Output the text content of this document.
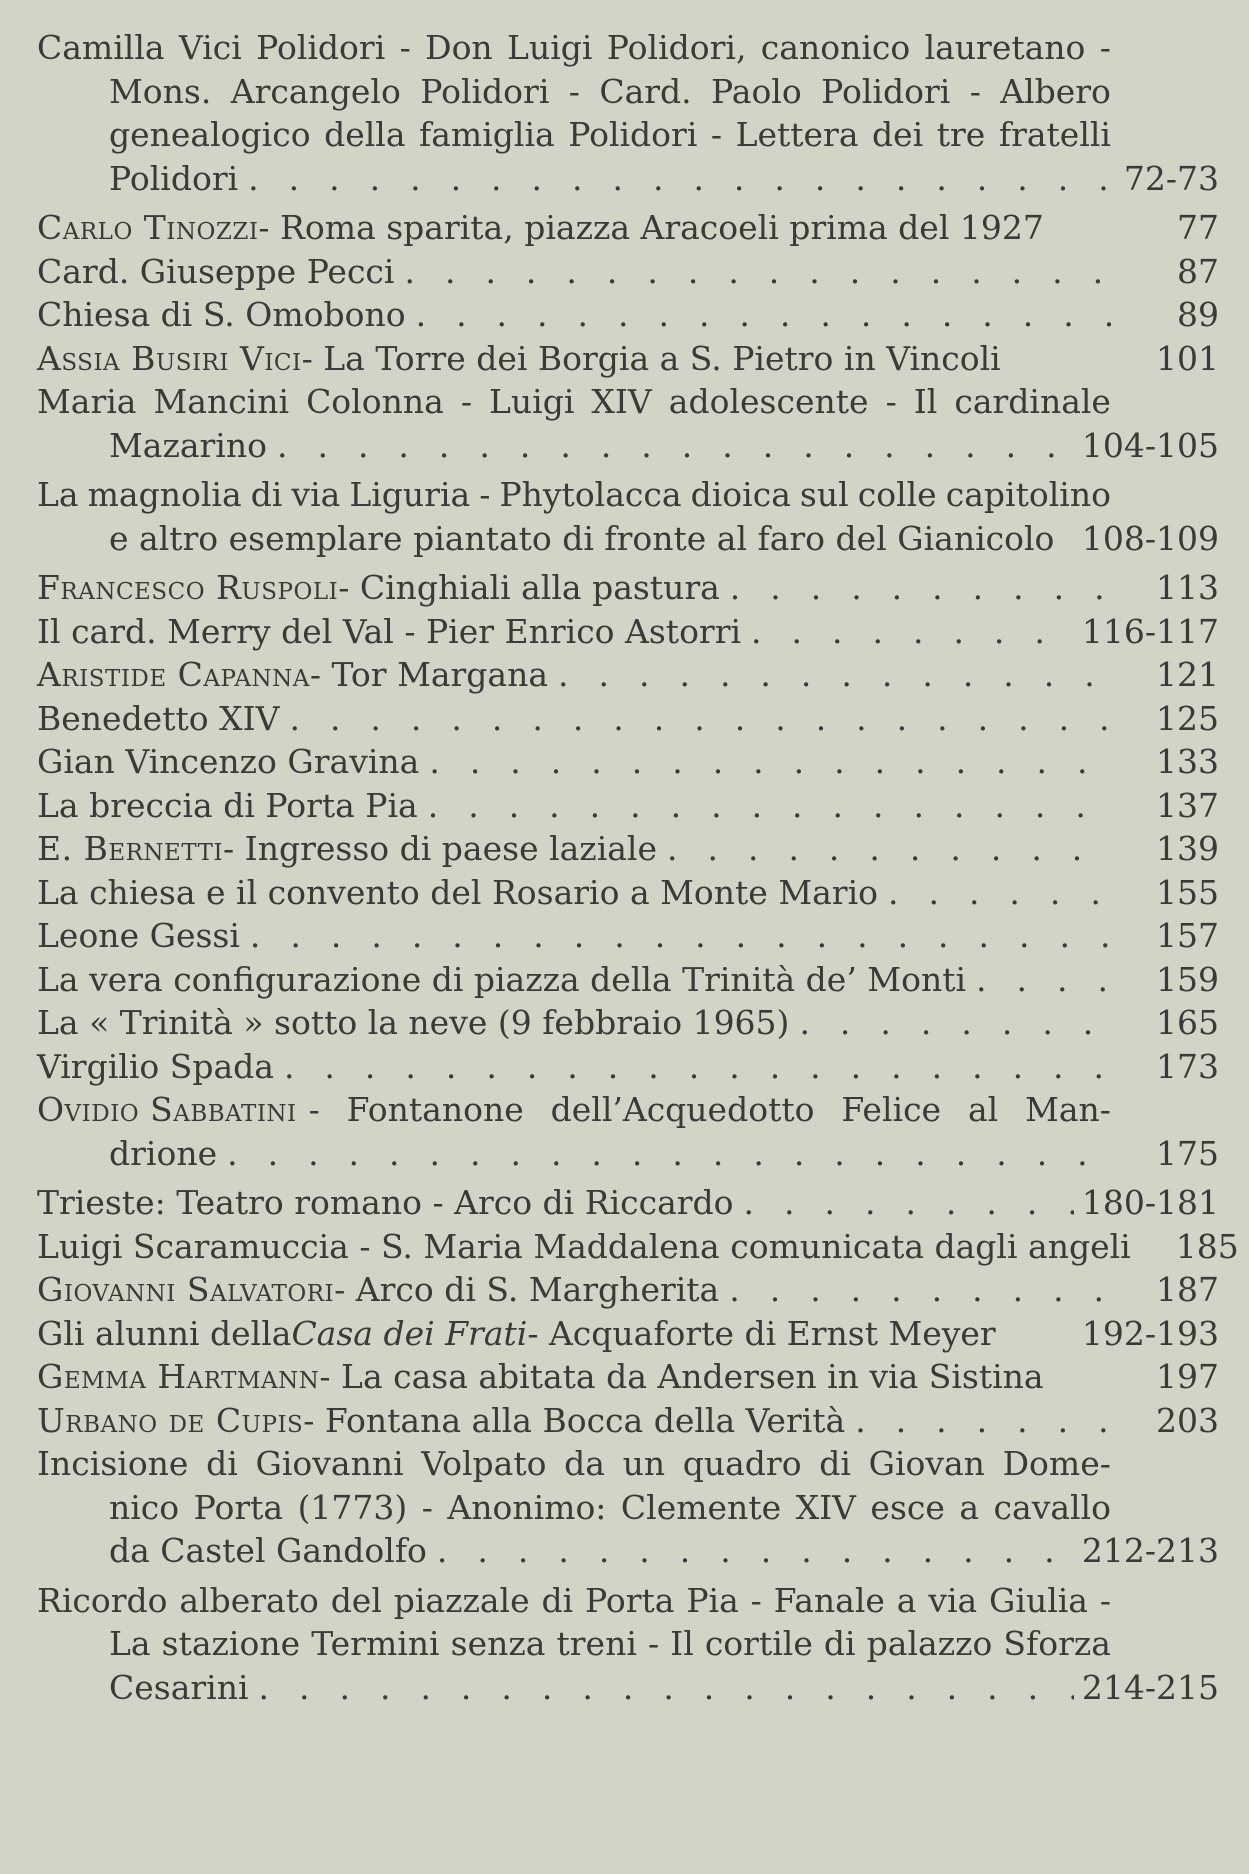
Camilla Vici Polidori - Don Luigi Polidori, canonico lauretano -
Mons. Arcangelo Polidori - Card. Paolo Polidori - Albero
genealogico della famiglia Polidori - Lettera dei tre fratelli
Polidori . . .	72-73
Carlo Tinozzi - Roma sparita, piazza Aracoeli prima del 1927	77
Card. Giuseppe Pecci . . .	87
Chiesa di S. Omobono . . .	89
Assia Busiri Vici - La Torre dei Borgia a S. Pietro in Vincoli	101
Maria Mancini Colonna - Luigi XIV adolescente - Il cardinale
Mazarino . . .	104-105
La magnolia di via Liguria - Phytolacca dioica sul colle capitolino
e altro esemplare piantato di fronte al faro del Gianicolo 108-109
Francesco Ruspoli - Cinghiali alla pastura . . .	113
Il card. Merry del Val - Pier Enrico Astorri . . .	116-117
Aristide Capanna - Tor Margana . . .	121
Benedetto XIV . . .	125
Gian Vincenzo Gravina . . .	133
La breccia di Porta Pia . . .	137
E. Bernetti - Ingresso di paese laziale . . .	139
La chiesa e il convento del Rosario a Monte Mario . . .	155
Leone Gessi . . .	157
La vera configurazione di piazza della Trinità de’ Monti . . .	159
La « Trinità » sotto la neve (9 febbraio 1965) . . .	165
Virgilio Spada . . .	173
Ovidio Sabbatini - Fontanone dell’Acquedotto Felice al Man-
drione . . .	175
Trieste: Teatro romano - Arco di Riccardo . . .	180-181
Luigi Scaramuccia - S. Maria Maddalena comunicata dagli angeli	185
Giovanni Salvatori - Arco di S. Margherita . . .	187
Gli alunni della Casa dei Frati - Acquaforte di Ernst Meyer	192-193
Gemma Hartmann - La casa abitata da Andersen in via Sistina	197
Urbano de Cupis - Fontana alla Bocca della Verità . . .	203
Incisione di Giovanni Volpato da un quadro di Giovan Dome-
nico Porta (1773) - Anonimo: Clemente XIV esce a cavallo
da Castel Gandolfo . . .	212-213
Ricordo alberato del piazzale di Porta Pia - Fanale a via Giulia -
La stazione Termini senza treni - Il cortile di palazzo Sforza
Cesarini . . .	214-215
